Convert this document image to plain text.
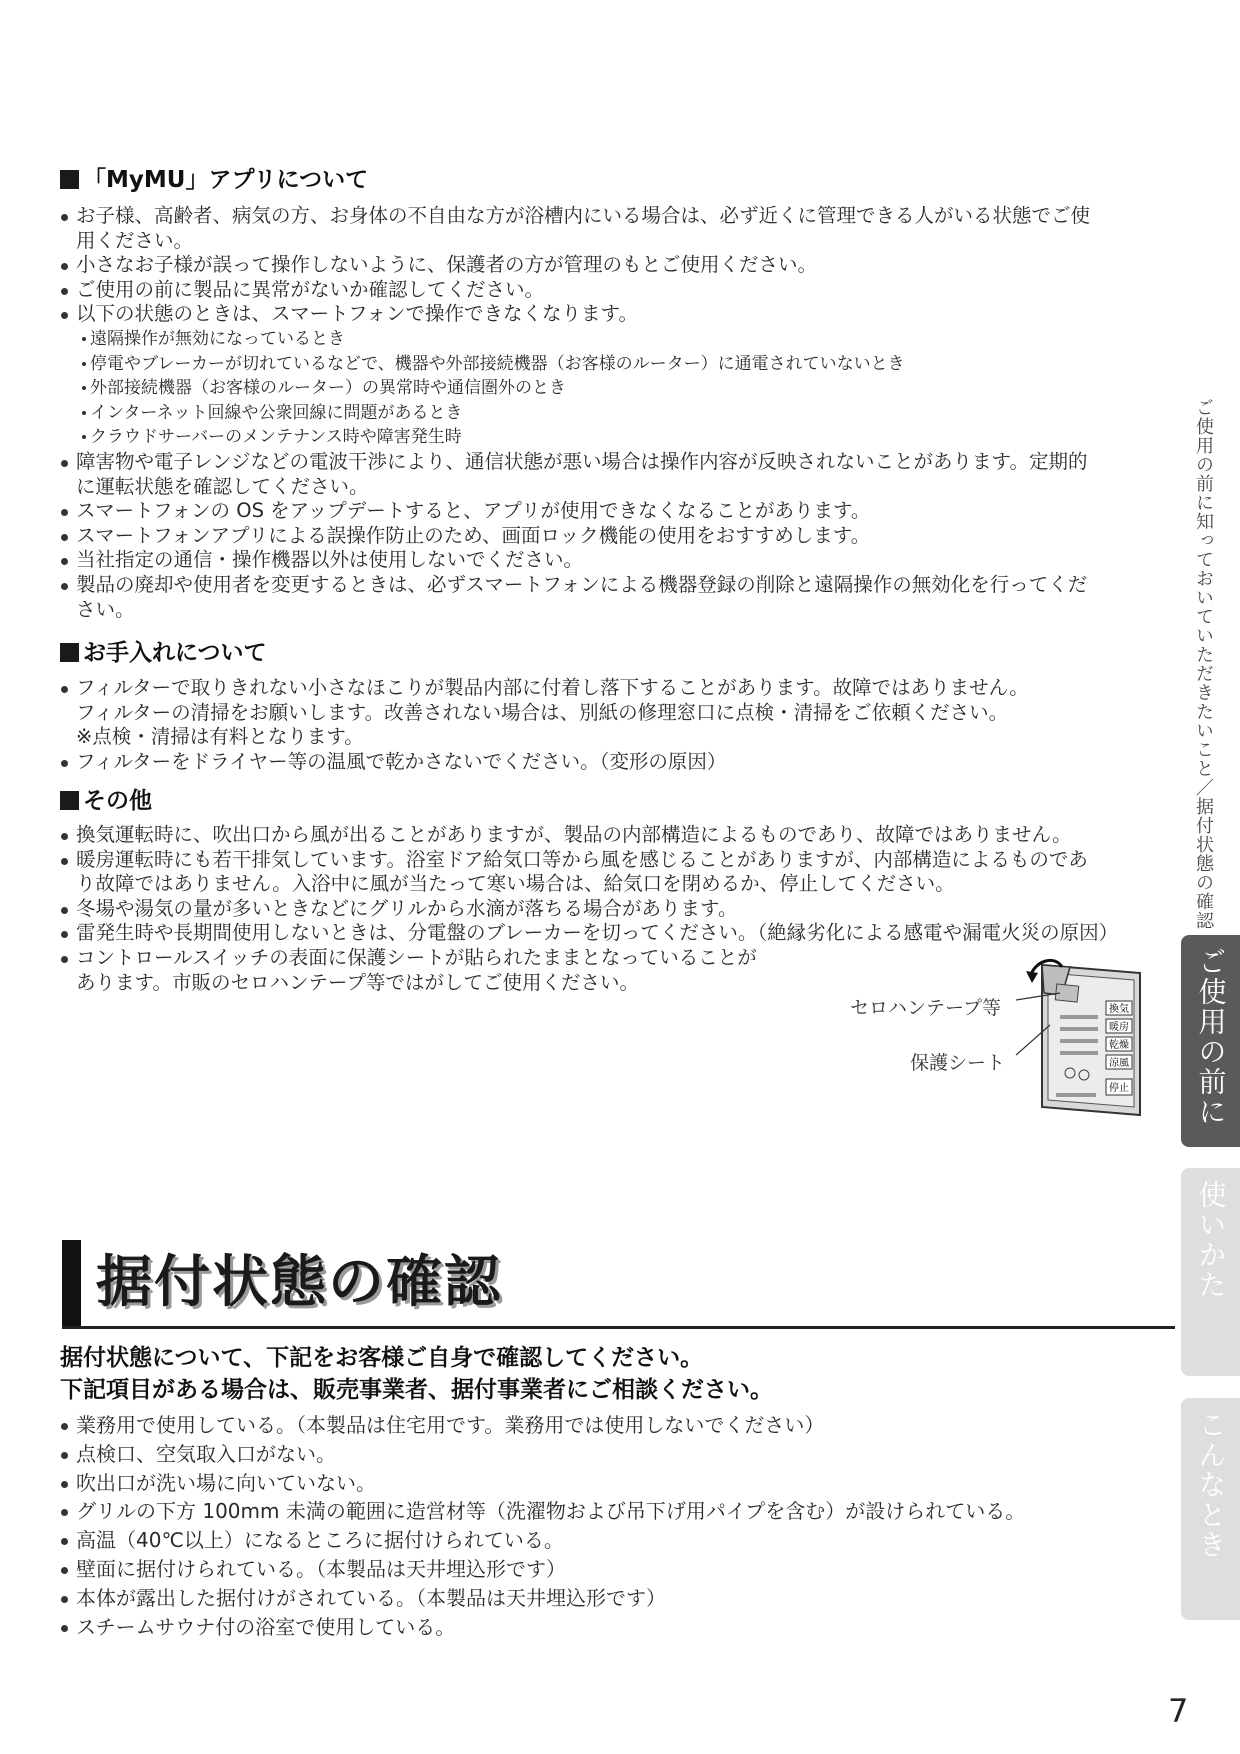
「MyMU」アプリについて
お子様、高齢者、病気の方、お身体の不自由な方が浴槽内にいる場合は、必ず近くに管理できる人がいる状態でご使
用ください。
小さなお子様が誤って操作しないように、保護者の方が管理のもとご使用ください。
ご使用の前に製品に異常がないか確認してください。
以下の状態のときは、スマートフォンで操作できなくなります。
遠隔操作が無効になっているとき
停電やブレーカーが切れているなどで、機器や外部接続機器（お客様のルーター）に通電されていないとき
外部接続機器（お客様のルーター）の異常時や通信圏外のとき
インターネット回線や公衆回線に問題があるとき
クラウドサーバーのメンテナンス時や障害発生時
障害物や電子レンジなどの電波干渉により、通信状態が悪い場合は操作内容が反映されないことがあります。定期的
に運転状態を確認してください。
スマートフォンの OS をアップデートすると、アプリが使用できなくなることがあります。
スマートフォンアプリによる誤操作防止のため、画面ロック機能の使用をおすすめします。
当社指定の通信・操作機器以外は使用しないでください。
製品の廃却や使用者を変更するときは、必ずスマートフォンによる機器登録の削除と遠隔操作の無効化を行ってくだ
さい。
お手入れについて
フィルターで取りきれない小さなほこりが製品内部に付着し落下することがあります。故障ではありません。
フィルターの清掃をお願いします。改善されない場合は、別紙の修理窓口に点検・清掃をご依頼ください。
※点検・清掃は有料となります。
フィルターをドライヤー等の温風で乾かさないでください。（変形の原因）
その他
換気運転時に、吹出口から風が出ることがありますが、製品の内部構造によるものであり、故障ではありません。
暖房運転時にも若干排気しています。浴室ドア給気口等から風を感じることがありますが、内部構造によるものであ
り故障ではありません。入浴中に風が当たって寒い場合は、給気口を閉めるか、停止してください。
冬場や湯気の量が多いときなどにグリルから水滴が落ちる場合があります。
雷発生時や長期間使用しないときは、分電盤のブレーカーを切ってください。（絶縁劣化による感電や漏電火災の原因）
コントロールスイッチの表面に保護シートが貼られたままとなっていることが
あります。市販のセロハンテープ等ではがしてご使用ください。
セロハンテープ等
保護シート
換気
暖房
乾燥
涼風
停止
据付状態の確認
据付状態について、下記をお客様ご自身で確認してください。
下記項目がある場合は、販売事業者、据付事業者にご相談ください。
業務用で使用している。（本製品は住宅用です。業務用では使用しないでください）
点検口、空気取入口がない。
吹出口が洗い場に向いていない。
グリルの下方 100mm 未満の範囲に造営材等（洗濯物および吊下げ用パイプを含む）が設けられている。
高温（40℃以上）になるところに据付けられている。
壁面に据付けられている。（本製品は天井埋込形です）
本体が露出した据付けがされている。（本製品は天井埋込形です）
スチームサウナ付の浴室で使用している。
ご使用の前に知っておいていただきたいこと／据付状態の確認
ご使用の前に
使いかた
こんなとき
7
